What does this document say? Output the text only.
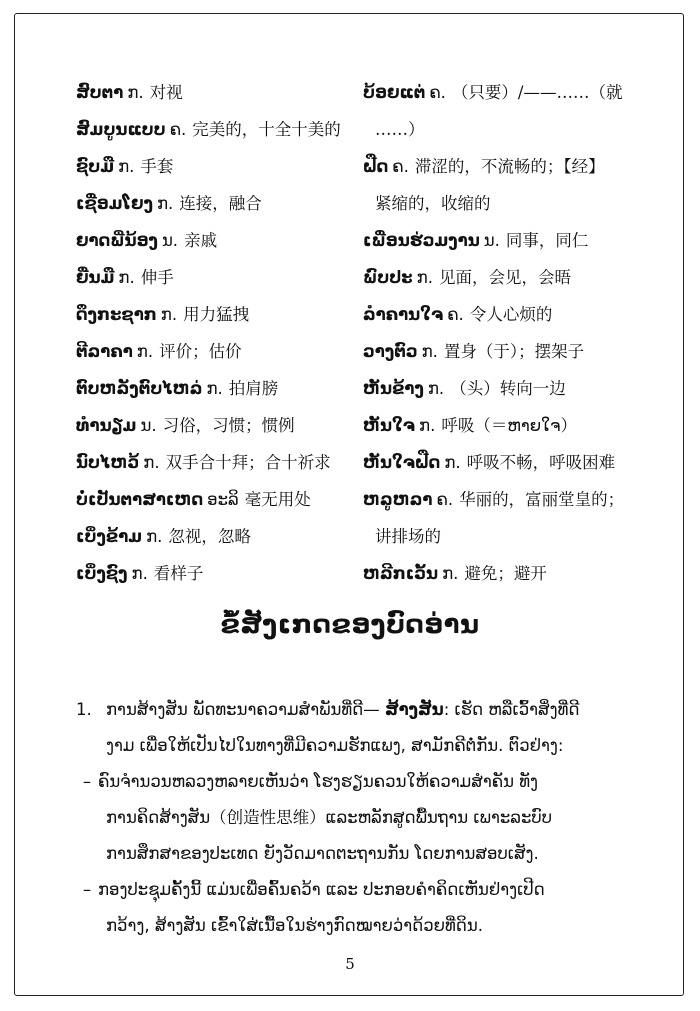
ສົບຕາ ກ. 对视
ສົມບູນແບບ ຄ. 完美的，十全十美的
ຊົບມື ກ. 手套
ເຊື່ອມໂຍງ ກ. 连接，融合
ຍາດພີ່ນ້ອງ ນ. 亲戚
ຍື່ນມື ກ. 伸手
ດຶງກະຊາກ ກ. 用力猛拽
ຕີລາຄາ ກ. 评价；估价
ຕົບຫລັງຕົບໄຫລ່ ກ. 拍肩膀
ທຳນຽມ ນ. 习俗，习惯；惯例
ນົບໄຫວ້ ກ. 双手合十拜；合十祈求
ບໍ່ເປັນຕາສາເຫດ ອະລິ 毫无用处
ເບິ່ງຂ້າມ ກ. 忽视，忽略
ເບິ່ງຊົງ ກ. 看样子
ບ້ອຍແຕ່ ຄ. （只要）/——……（就
……）
ຝືດ ຄ. 滞涩的，不流畅的；【经】
紧缩的，收缩的
ເພື່ອນຮ່ວມງານ ນ. 同事，同仁
ພົບປະ ກ. 见面，会见，会晤
ລຳຄານໃຈ ຄ. 令人心烦的
ວາງຕົວ ກ. 置身（于）；摆架子
ຫັນຂ້າງ ກ. （头）转向一边
ຫັນໃຈ ກ. 呼吸（＝ຫາຍໃຈ）
ຫັນໃຈຝືດ ກ. 呼吸不畅，呼吸困难
ຫລູຫລາ ຄ. 华丽的，富丽堂皇的；
讲排场的
ຫລີກເວັ້ນ ກ. 避免；避开
ຂໍ້ສັງເກດຂອງບົດອ່ານ
1. ການສ້າງສັນ ພັດທະນາຄວາມສຳພັນທີ່ດີ— ສ້າງສັນ: ເຮັດ ຫລືເວົ້າສິ່ງທີ່ດີ
ງາມ ເພື່ອໃຫ້ເປັນໄປໃນທາງທີ່ມີຄວາມຮັກແພງ, ສາມັກຄີຕໍ່ກັນ. ຕົວຢ່າງ:
– ຄົນຈຳນວນຫລວງຫລາຍເຫັນວ່າ ໂຮງຮຽນຄວນໃຫ້ຄວາມສຳຄັນ ທັງ
ການຄິດສ້າງສັນ（创造性思维）ແລະຫລັກສູດພື້ນຖານ ເພາະລະບົບ
ການສຶກສາຂອງປະເທດ ຍັງວັດມາດຕະຖານກັນ ໂດຍການສອບເສັງ.
– ກອງປະຊຸມຄັ້ງນີ້ ແມ່ນເພື່ອຄົ້ນຄວ້າ ແລະ ປະກອບຄຳຄິດເຫັນຢ່າງເປີດ
ກວ້າງ, ສ້າງສັນ ເຂົ້າໃສ່ເນື້ອໃນຮ່າງກົດໝາຍວ່າດ້ວຍທີ່ດິນ.
5
